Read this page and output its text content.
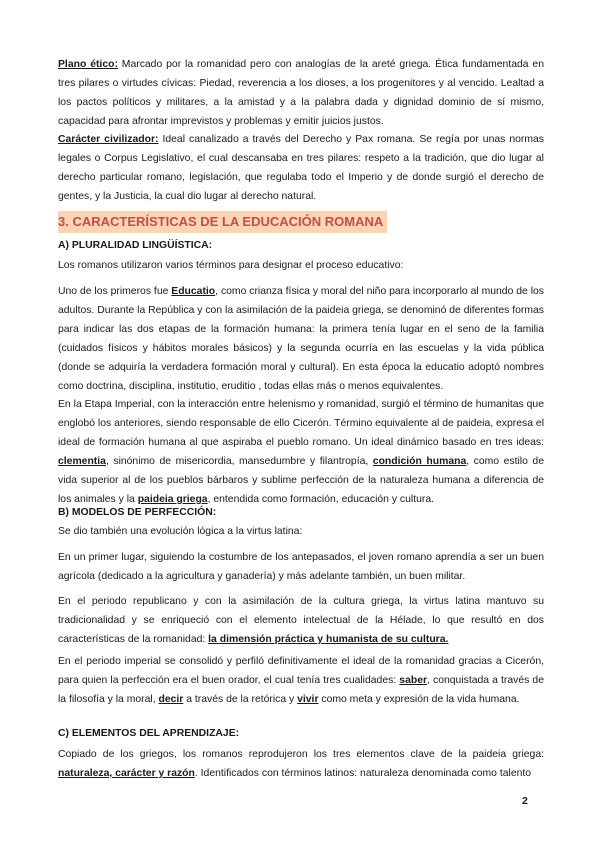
Plano ético: Marcado por la romanidad pero con analogías de la areté griega. Ética fundamentada en tres pilares o virtudes cívicas: Piedad, reverencia a los dioses, a los progenitores y al vencido. Lealtad a los pactos políticos y militares, a la amistad y a la palabra dada y dignidad dominio de sí mismo, capacidad para afrontar imprevistos y problemas y emitir juicios justos.

Carácter civilizador: Ideal canalizado a través del Derecho y Pax romana. Se regía por unas normas legales o Corpus Legislativo, el cual descansaba en tres pilares: respeto a la tradición, que dio lugar al derecho particular romano, legislación, que regulaba todo el Imperio y de donde surgió el derecho de gentes, y la Justicia, la cual dio lugar al derecho natural.

3. CARACTERÍSTICAS DE LA EDUCACIÓN ROMANA
A) PLURALIDAD LINGÜÍSTICA:

Los romanos utilizaron varios términos para designar el proceso educativo:

Uno de los primeros fue Educatio, como crianza física y moral del niño para incorporarlo al mundo de los adultos. Durante la República y con la asimilación de la paideia griega, se denominó de diferentes formas para indicar las dos etapas de la formación humana: la primera tenía lugar en el seno de la familia (cuidados físicos y hábitos morales básicos) y la segunda ocurría en las escuelas y la vida pública (donde se adquiría la verdadera formación moral y cultural). En esta época la educatio adoptó nombres como doctrina, disciplina, institutio, eruditio , todas ellas más o menos equivalentes.

En la Etapa Imperial, con la interacción entre helenismo y romanidad, surgió el término de humanitas que englobó los anteriores, siendo responsable de ello Cicerón. Término equivalente al de paideia, expresa el ideal de formación humana al que aspiraba el pueblo romano. Un ideal dinámico basado en tres ideas: clementia, sinónimo de misericordia, mansedumbre y filantropía, condición humana, como estilo de vida superior al de los pueblos bárbaros y sublime perfección de la naturaleza humana a diferencia de los animales y la paideia griega, entendida como formación, educación y cultura.

B) MODELOS DE PERFECCIÓN:

Se dio también una evolución lógica a la virtus latina:

En un primer lugar, siguiendo la costumbre de los antepasados, el joven romano aprendía a ser un buen agrícola (dedicado a la agricultura y ganadería) y más adelante también, un buen militar.

En el periodo republicano y con la asimilación de la cultura griega, la virtus latina mantuvo su tradicionalidad y se enriqueció con el elemento intelectual de la Hélade, lo que resultó en dos características de la romanidad: la dimensión práctica y humanista de su cultura.

En el periodo imperial se consolidó y perfiló definitivamente el ideal de la romanidad gracias a Cicerón, para quien la perfección era el buen orador, el cual tenía tres cualidades: saber, conquistada a través de la filosofía y la moral, decir a través de la retórica y vivir como meta y expresión de la vida humana.

C) ELEMENTOS DEL APRENDIZAJE:

Copiado de los griegos, los romanos reprodujeron los tres elementos clave de la paideia griega: naturaleza, carácter y razón. Identificados con términos latinos: naturaleza denominada como talento

2
